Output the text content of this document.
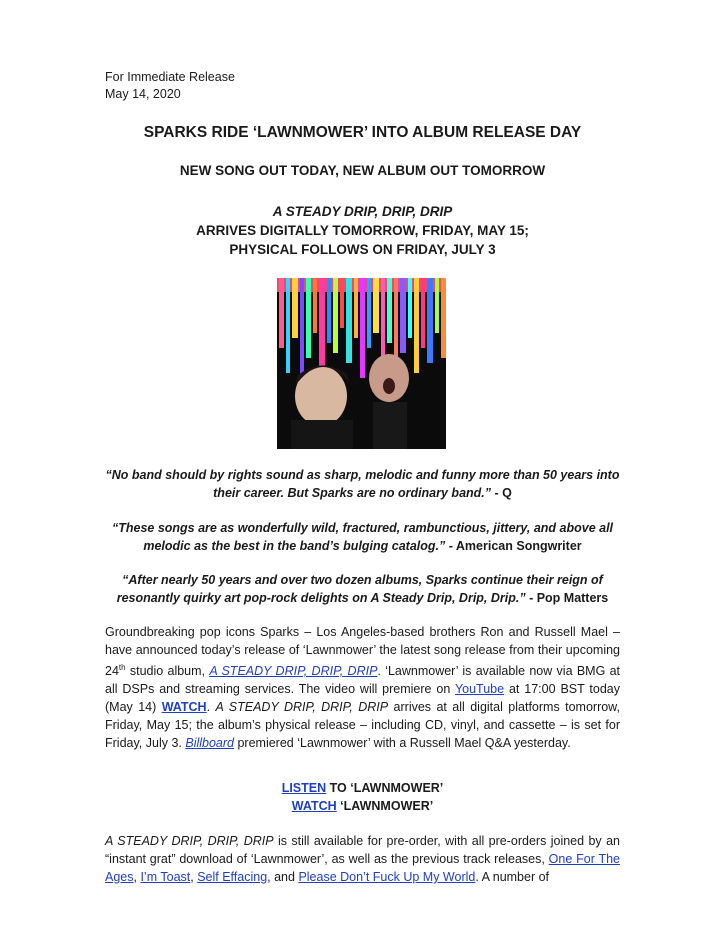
For Immediate Release
May 14, 2020
SPARKS RIDE ‘LAWNMOWER’ INTO ALBUM RELEASE DAY
NEW SONG OUT TODAY, NEW ALBUM OUT TOMORROW
A STEADY DRIP, DRIP, DRIP
ARRIVES DIGITALLY TOMORROW, FRIDAY, MAY 15;
PHYSICAL FOLLOWS ON FRIDAY, JULY 3
“No band should by rights sound as sharp, melodic and funny more than 50 years into their career. But Sparks are no ordinary band.” - Q
“These songs are as wonderfully wild, fractured, rambunctious, jittery, and above all melodic as the best in the band’s bulging catalog.” - American Songwriter
“After nearly 50 years and over two dozen albums, Sparks continue their reign of resonantly quirky art pop-rock delights on A Steady Drip, Drip, Drip.” - Pop Matters
Groundbreaking pop icons Sparks – Los Angeles-based brothers Ron and Russell Mael – have announced today’s release of ‘Lawnmower’ the latest song release from their upcoming 24th studio album, A STEADY DRIP, DRIP, DRIP. ‘Lawnmower’ is available now via BMG at all DSPs and streaming services. The video will premiere on YouTube at 17:00 BST today (May 14) WATCH. A STEADY DRIP, DRIP, DRIP arrives at all digital platforms tomorrow, Friday, May 15; the album’s physical release – including CD, vinyl, and cassette – is set for Friday, July 3. Billboard premiered ‘Lawnmower’ with a Russell Mael Q&A yesterday.
LISTEN TO ‘LAWNMOWER’
WATCH ‘LAWNMOWER’
A STEADY DRIP, DRIP, DRIP is still available for pre-order, with all pre-orders joined by an “instant grat” download of ‘Lawnmower’, as well as the previous track releases, One For The Ages, I’m Toast, Self Effacing, and Please Don’t Fuck Up My World. A number of
